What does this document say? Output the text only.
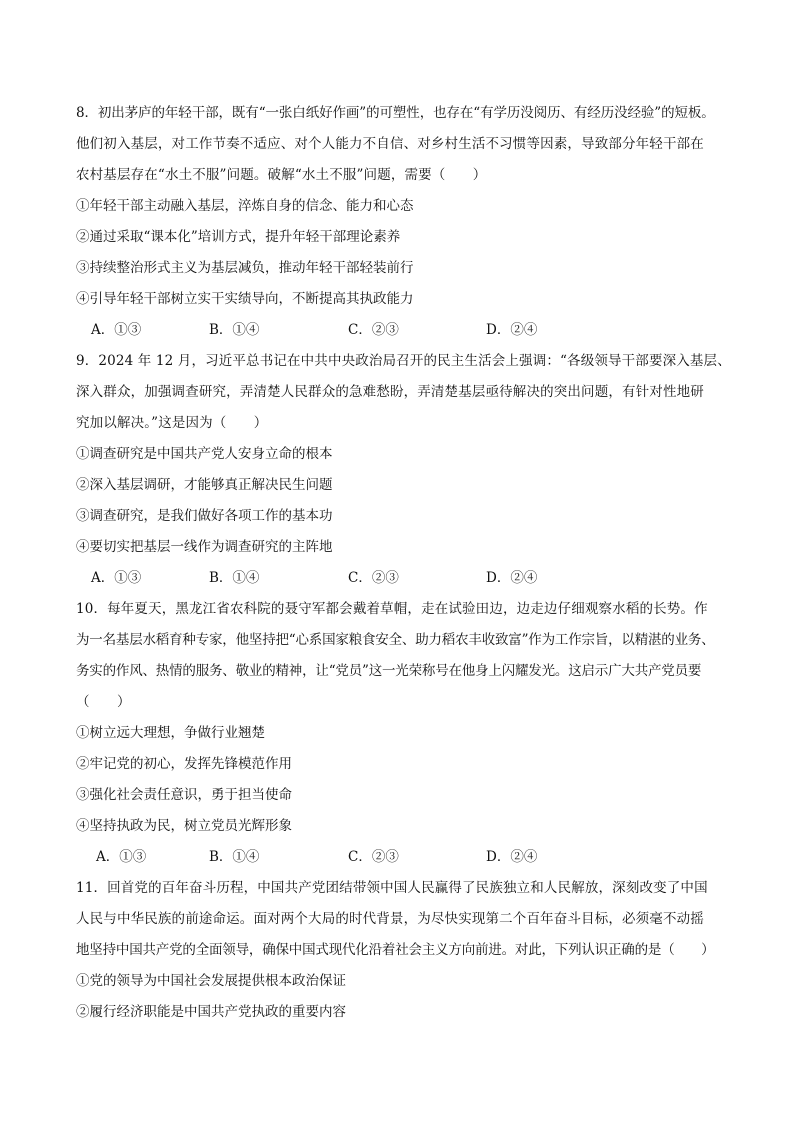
8．初出茅庐的年轻干部，既有“一张白纸好作画”的可塑性，也存在“有学历没阅历、有经历没经验”的短板。
他们初入基层，对工作节奏不适应、对个人能力不自信、对乡村生活不习惯等因素，导致部分年轻干部在
农村基层存在“水土不服”问题。破解“水土不服”问题，需要（　　）
①年轻干部主动融入基层，淬炼自身的信念、能力和心态
②通过采取“课本化”培训方式，提升年轻干部理论素养
③持续整治形式主义为基层减负，推动年轻干部轻装前行
④引导年轻干部树立实干实绩导向，不断提高其执政能力
A．①③	B．①④	C．②③	D．②④
9．2024 年 12 月，习近平总书记在中共中央政治局召开的民主生活会上强调：“各级领导干部要深入基层、
深入群众，加强调查研究，弄清楚人民群众的急难愁盼，弄清楚基层亟待解决的突出问题，有针对性地研
究加以解决。”这是因为（　　）
①调查研究是中国共产党人安身立命的根本
②深入基层调研，才能够真正解决民生问题
③调查研究，是我们做好各项工作的基本功
④要切实把基层一线作为调查研究的主阵地
A．①③	B．①④	C．②③	D．②④
10．每年夏天，黑龙江省农科院的聂守军都会戴着草帽，走在试验田边，边走边仔细观察水稻的长势。作
为一名基层水稻育种专家，他坚持把“心系国家粮食安全、助力稻农丰收致富”作为工作宗旨，以精湛的业务、
务实的作风、热情的服务、敬业的精神，让“党员”这一光荣称号在他身上闪耀发光。这启示广大共产党员要
（　　）
①树立远大理想，争做行业翘楚
②牢记党的初心，发挥先锋模范作用
③强化社会责任意识，勇于担当使命
④坚持执政为民，树立党员光辉形象
A．①③	B．①④	C．②③	D．②④
11．回首党的百年奋斗历程，中国共产党团结带领中国人民赢得了民族独立和人民解放，深刻改变了中国
人民与中华民族的前途命运。面对两个大局的时代背景，为尽快实现第二个百年奋斗目标，必须毫不动摇
地坚持中国共产党的全面领导，确保中国式现代化沿着社会主义方向前进。对此，下列认识正确的是（　　）
①党的领导为中国社会发展提供根本政治保证
②履行经济职能是中国共产党执政的重要内容
